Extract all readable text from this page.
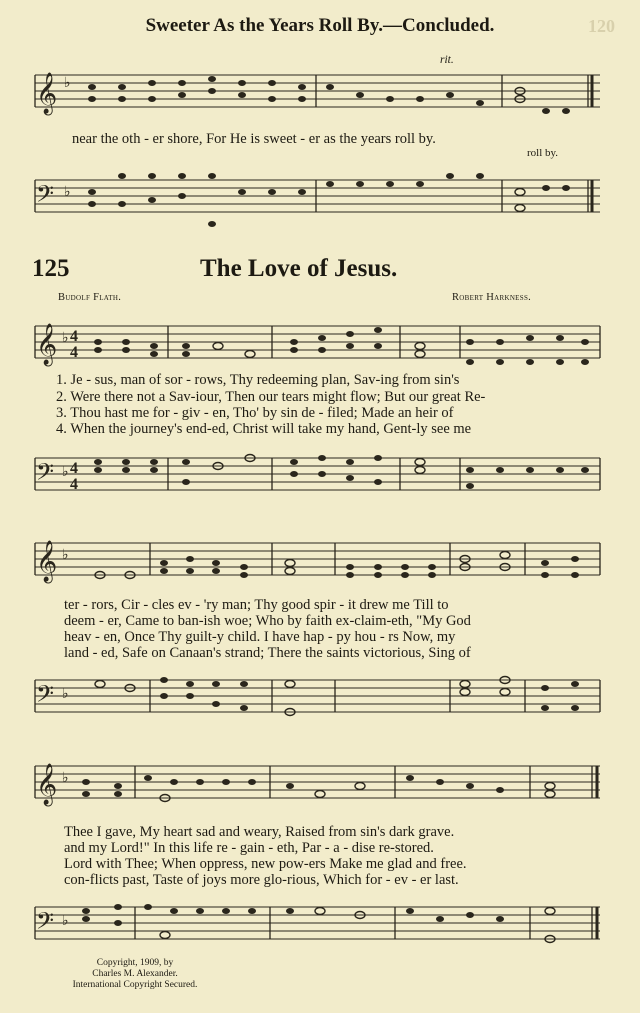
Sweeter As the Years Roll By.—Concluded.	120
𝄞 ♭
rit.
near the oth - er shore, For He is sweet - er as the years roll by.
roll by.
𝄢 ♭
125	The Love of Jesus.
Budolf Flath.	Robert Harkness.
𝄞 ♭ 4
4
1. Je - sus, man of sor - rows, Thy redeeming plan, Sav-ing from sin's
2. Were there not a Sav-iour, Then our tears might flow; But our great Re-
3. Thou hast me for - giv - en, Tho' by sin de - filed; Made an heir of
4. When the journey's end-ed, Christ will take my hand, Gent-ly see me
𝄢 ♭ 4
4
𝄞 ♭
ter - rors, Cir - cles ev - 'ry man; Thy good spir - it drew me Till to
deem - er, Came to ban-ish woe; Who by faith ex-claim-eth, "My God
heav - en, Once Thy guilt-y child. I have hap - py hou - rs Now, my
land - ed, Safe on Canaan's strand; There the saints victorious, Sing of
𝄢 ♭
𝄞 ♭
Thee I gave, My heart sad and weary, Raised from sin's dark grave.
and my Lord!" In this life re - gain - eth, Par - a - dise re-stored.
Lord with Thee; When oppress, new pow-ers Make me glad and free.
con-flicts past, Taste of joys more glo-rious, Which for - ev - er last.
𝄢 ♭
Copyright, 1909, by
Charles M. Alexander.
International Copyright Secured.
